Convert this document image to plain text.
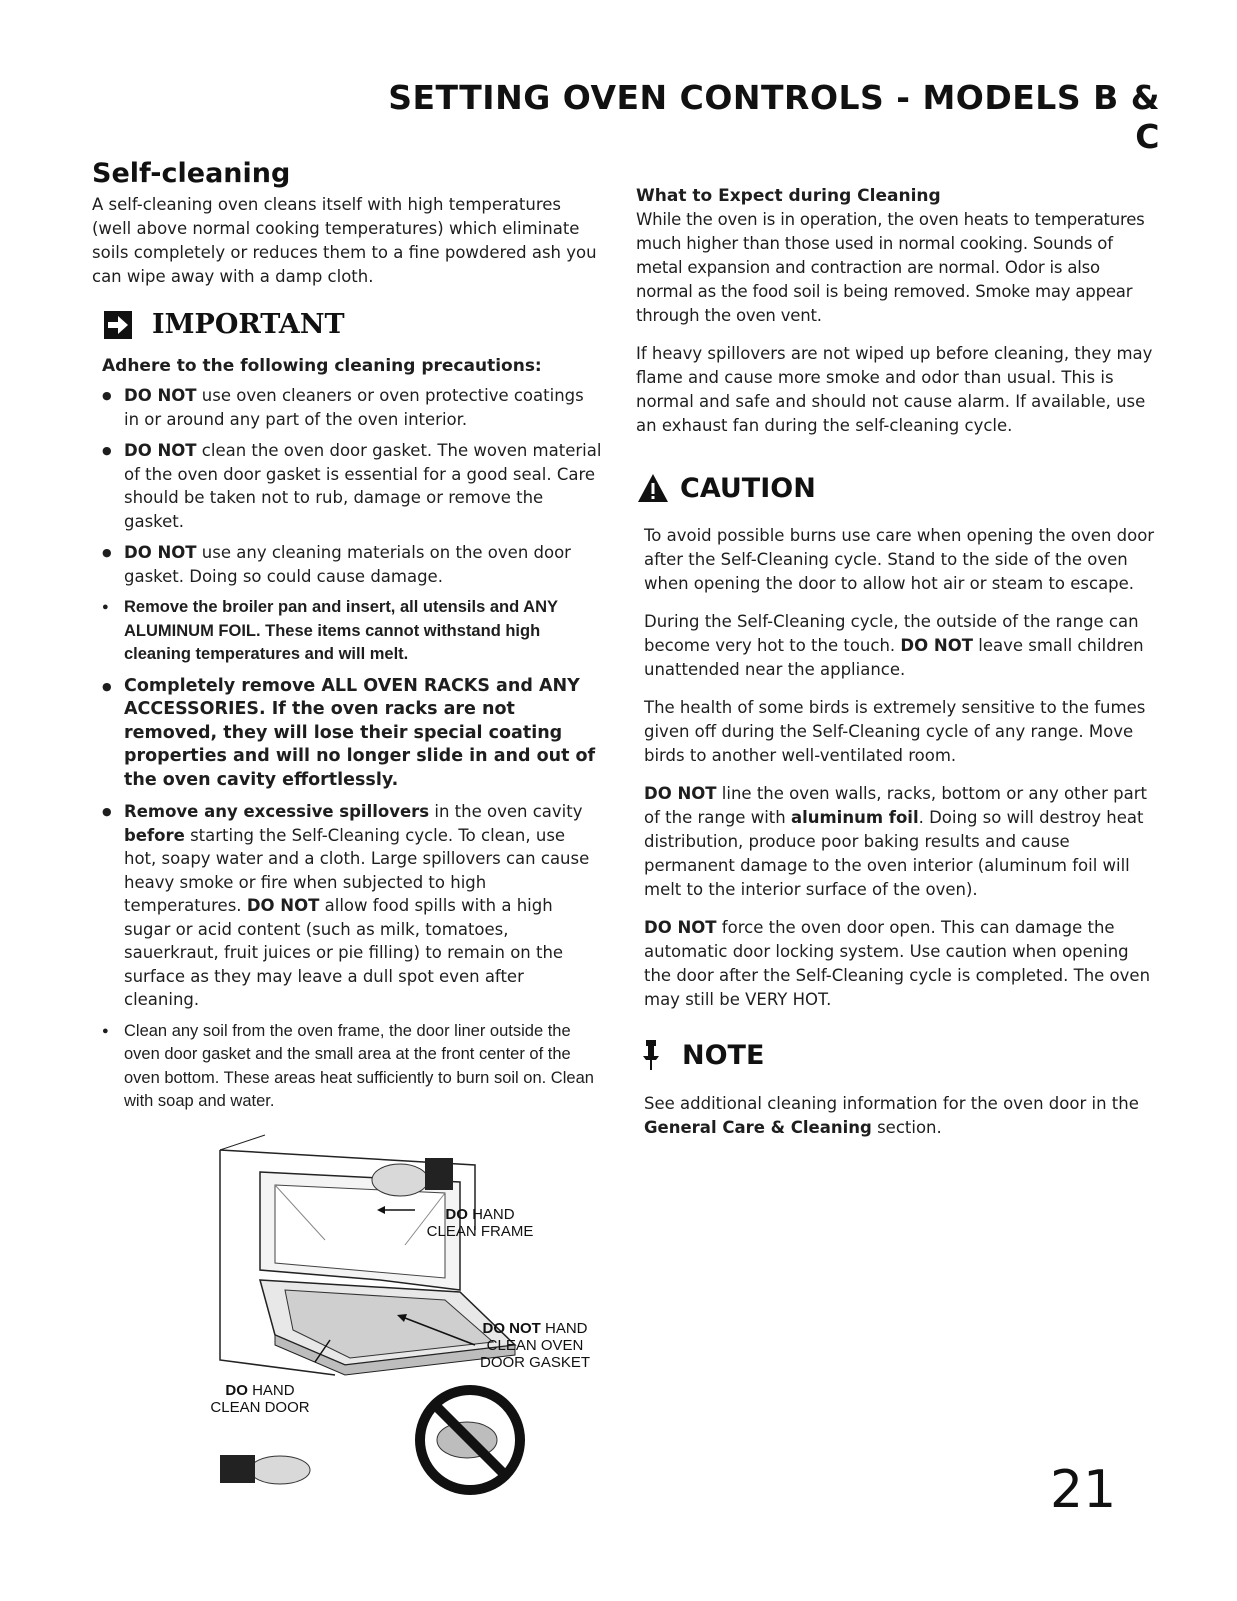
SETTING OVEN CONTROLS - MODELS B & C
Self-cleaning

A self-cleaning oven cleans itself with high temperatures (well above normal cooking temperatures) which eliminate soils completely or reduces them to a fine powdered ash you can wipe away with a damp cloth.

IMPORTANT
Adhere to the following cleaning precautions:
● DO NOT use oven cleaners or oven protective coatings in or around any part of the oven interior.
● DO NOT clean the oven door gasket. The woven material of the oven door gasket is essential for a good seal. Care should be taken not to rub, damage or remove the gasket.
● DO NOT use any cleaning materials on the oven door gasket. Doing so could cause damage.
● Remove the broiler pan and insert, all utensils and ANY ALUMINUM FOIL. These items cannot withstand high cleaning temperatures and will melt.
● Completely remove ALL OVEN RACKS and ANY ACCESSORIES. If the oven racks are not removed, they will lose their special coating properties and will no longer slide in and out of the oven cavity effortlessly.
● Remove any excessive spillovers in the oven cavity before starting the Self-Cleaning cycle. To clean, use hot, soapy water and a cloth. Large spillovers can cause heavy smoke or fire when subjected to high temperatures. DO NOT allow food spills with a high sugar or acid content (such as milk, tomatoes, sauerkraut, fruit juices or pie filling) to remain on the surface as they may leave a dull spot even after cleaning.
● Clean any soil from the oven frame, the door liner outside the oven door gasket and the small area at the front center of the oven bottom. These areas heat sufficiently to burn soil on. Clean with soap and water.
DO HAND CLEAN FRAME
DO NOT HAND CLEAN OVEN DOOR GASKET
DO HAND CLEAN DOOR
What to Expect during Cleaning

While the oven is in operation, the oven heats to temperatures much higher than those used in normal cooking. Sounds of metal expansion and contraction are normal. Odor is also normal as the food soil is being removed. Smoke may appear through the oven vent.

If heavy spillovers are not wiped up before cleaning, they may flame and cause more smoke and odor than usual. This is normal and safe and should not cause alarm. If available, use an exhaust fan during the self-cleaning cycle.

CAUTION

To avoid possible burns use care when opening the oven door after the Self-Cleaning cycle. Stand to the side of the oven when opening the door to allow hot air or steam to escape.

During the Self-Cleaning cycle, the outside of the range can become very hot to the touch. DO NOT leave small children unattended near the appliance.

The health of some birds is extremely sensitive to the fumes given off during the Self-Cleaning cycle of any range. Move birds to another well-ventilated room.

DO NOT line the oven walls, racks, bottom or any other part of the range with aluminum foil. Doing so will destroy heat distribution, produce poor baking results and cause permanent damage to the oven interior (aluminum foil will melt to the interior surface of the oven).

DO NOT force the oven door open. This can damage the automatic door locking system. Use caution when opening the door after the Self-Cleaning cycle is completed. The oven may still be VERY HOT.

NOTE

See additional cleaning information for the oven door in the General Care & Cleaning section.

21
